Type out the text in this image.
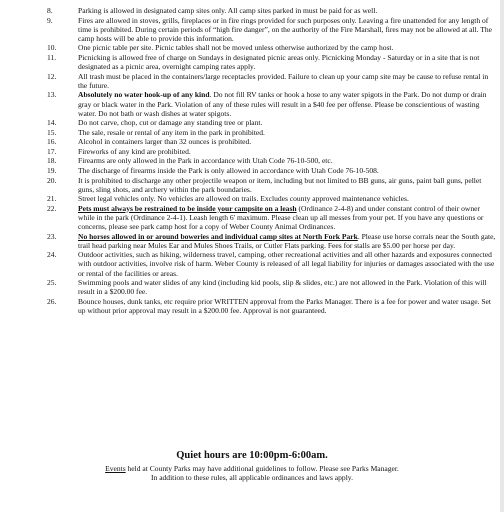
8.	Parking is allowed in designated camp sites only. All camp sites parked in must be paid for as well.
9.	Fires are allowed in stoves, grills, fireplaces or in fire rings provided for such purposes only. Leaving a fire unattended for any length of time is prohibited. During certain periods of “high fire danger”, on the authority of the Fire Marshall, fires may not be allowed at all. The camp hosts will be able to provide this information.
10.	One picnic table per site. Picnic tables shall not be moved unless otherwise authorized by the camp host.
11.	Picnicking is allowed free of charge on Sundays in designated picnic areas only. Picnicking Monday - Saturday or in a site that is not designated as a picnic area, overnight camping rates apply.
12.	All trash must be placed in the containers/large receptacles provided. Failure to clean up your camp site may be cause to refuse rental in the future.
13.	Absolutely no water hook-up of any kind. Do not fill RV tanks or hook a hose to any water spigots in the Park. Do not dump or drain gray or black water in the Park. Violation of any of these rules will result in a $40 fee per offense. Please be conscientious of wasting water. Do not bath or wash dishes at water spigots.
14.	Do not carve, chop, cut or damage any standing tree or plant.
15.	The sale, resale or rental of any item in the park in prohibited.
16.	Alcohol in containers larger than 32 ounces is prohibited.
17.	Fireworks of any kind are prohibited.
18.	Firearms are only allowed in the Park in accordance with Utah Code 76-10-500, etc.
19.	The discharge of firearms inside the Park is only allowed in accordance with Utah Code 76-10-508.
20.	It is prohibited to discharge any other projectile weapon or item, including but not limited to BB guns, air guns, paint ball guns, pellet guns, sling shots, and archery within the park boundaries.
21.	Street legal vehicles only. No vehicles are allowed on trails. Excludes county approved maintenance vehicles.
22.	Pets must always be restrained to be inside your campsite on a leash (Ordinance 2-4-8) and under constant control of their owner while in the park (Ordinance 2-4-1). Leash length 6' maximum. Please clean up all messes from your pet. If you have any questions or concerns, please see park camp host for a copy of Weber County Animal Ordinances.
23.	No horses allowed in or around boweries and individual camp sites at North Fork Park. Please use horse corrals near the South gate, trail head parking near Mules Ear and Mules Shoes Trails, or Cutler Flats parking. Fees for stalls are $5.00 per horse per day.
24.	Outdoor activities, such as hiking, wilderness travel, camping, other recreational activities and all other hazards and exposures connected with outdoor activities, involve risk of harm. Weber County is released of all legal liability for injuries or damages associated with the use or rental of the facilities or areas.
25.	Swimming pools and water slides of any kind (including kid pools, slip & slides, etc.) are not allowed in the Park. Violation of this will result in a $200.00 fee.
26.	Bounce houses, dunk tanks, etc require prior WRITTEN approval from the Parks Manager. There is a fee for power and water usage. Set up without prior approval may result in a $200.00 fee. Approval is not guaranteed.
Quiet hours are 10:00pm-6:00am.
Events held at County Parks may have additional guidelines to follow. Please see Parks Manager.
In addition to these rules, all applicable ordinances and laws apply.
